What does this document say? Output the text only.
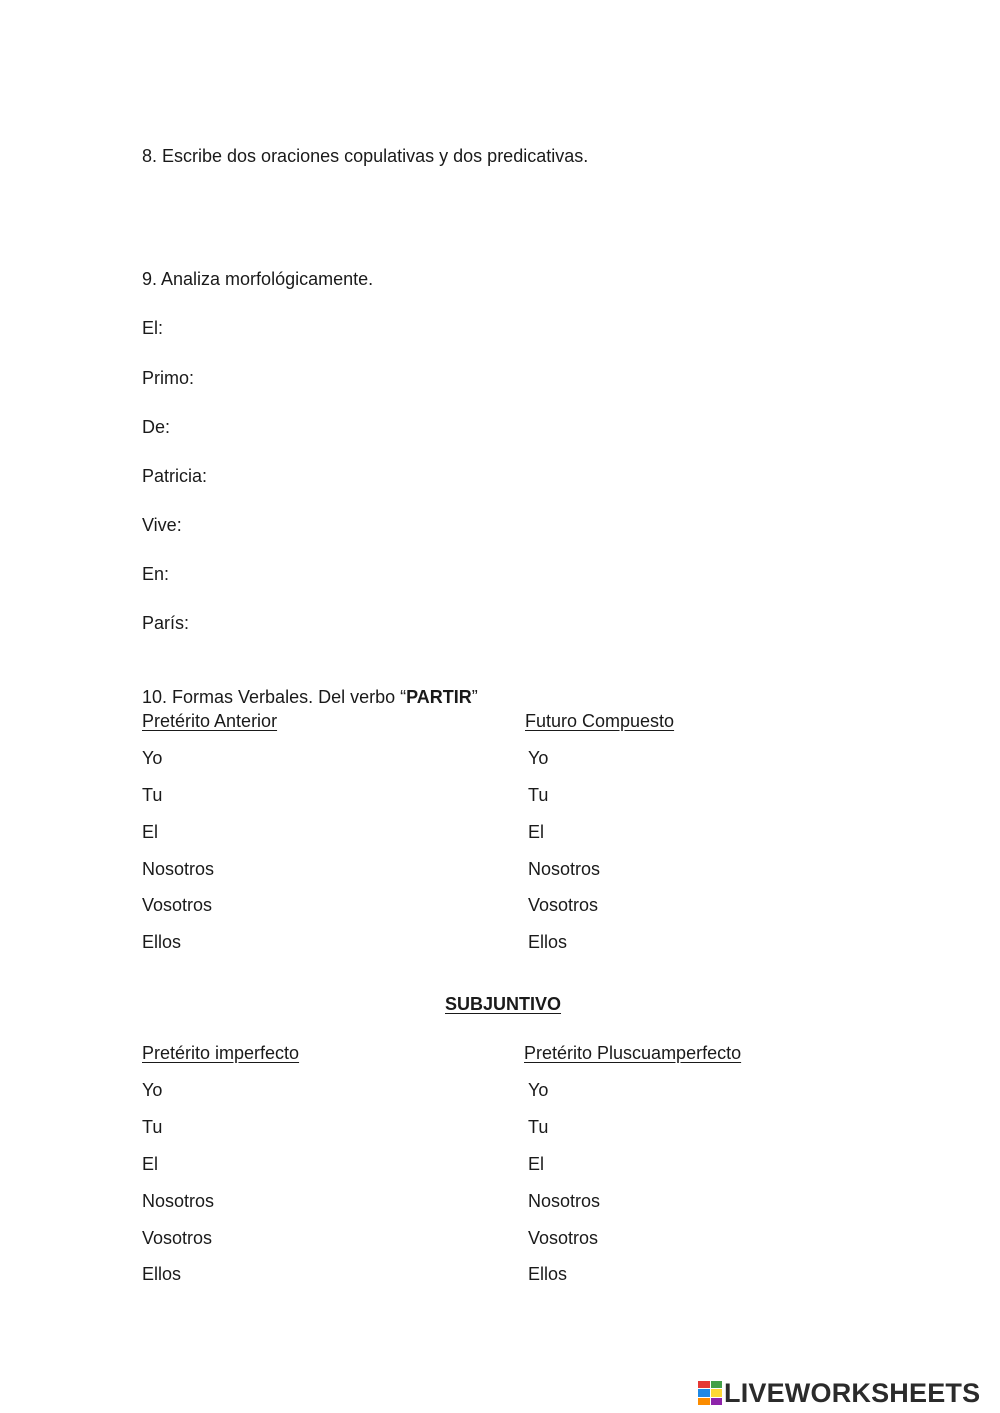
8. Escribe dos oraciones copulativas y dos predicativas.
9. Analiza morfológicamente.
El:
Primo:
De:
Patricia:
Vive:
En:
París:
10. Formas Verbales. Del verbo “PARTIR”
Pretérito Anterior	Futuro Compuesto
Yo
Tu
El
Nosotros
Vosotros
Ellos
Yo
Tu
El
Nosotros
Vosotros
Ellos
SUBJUNTIVO
Pretérito imperfecto	Pretérito Pluscuamperfecto
Yo
Tu
El
Nosotros
Vosotros
Ellos
Yo
Tu
El
Nosotros
Vosotros
Ellos
LIVEWORKSHEETS
